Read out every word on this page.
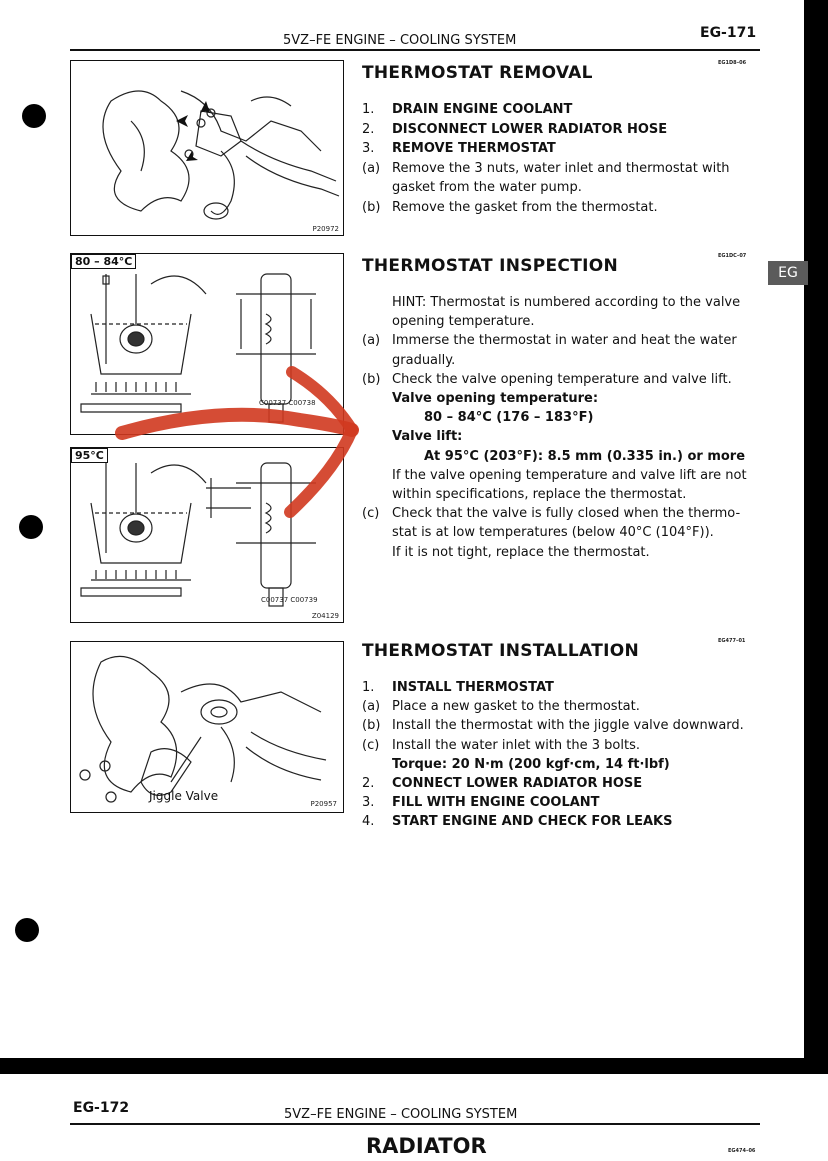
5VZ–FE ENGINE – COOLING SYSTEM	EG-171
EG
P20972
THERMOSTAT REMOVAL	EG1D8–06
1. DRAIN ENGINE COOLANT
2. DISCONNECT LOWER RADIATOR HOSE
3. REMOVE THERMOSTAT
(a) Remove the 3 nuts, water inlet and thermostat with
gasket from the water pump.
(b) Remove the gasket from the thermostat.
80 – 84°C
C00737 C00738
95°C
C00737 C00739
Z04129
THERMOSTAT INSPECTION	EG1DC–07
HINT: Thermostat is numbered according to the valve
opening temperature.
(a) Immerse the thermostat in water and heat the water
gradually.
(b) Check the valve opening temperature and valve lift.
Valve opening temperature:
80 – 84°C (176 – 183°F)
Valve lift:
At 95°C (203°F): 8.5 mm (0.335 in.) or more
If the valve opening temperature and valve lift are not
within specifications, replace the thermostat.
(c) Check that the valve is fully closed when the thermo-
stat is at low temperatures (below 40°C (104°F)).
If it is not tight, replace the thermostat.
Jiggle Valve
P20957
THERMOSTAT INSTALLATION	EG477–01
1. INSTALL THERMOSTAT
(a) Place a new gasket to the thermostat.
(b) Install the thermostat with the jiggle valve downward.
(c) Install the water inlet with the 3 bolts.
Torque: 20 N·m (200 kgf·cm, 14 ft·lbf)
2. CONNECT LOWER RADIATOR HOSE
3. FILL WITH ENGINE COOLANT
4. START ENGINE AND CHECK FOR LEAKS
EG-172	5VZ–FE ENGINE – COOLING SYSTEM
RADIATOR	EG474–06
